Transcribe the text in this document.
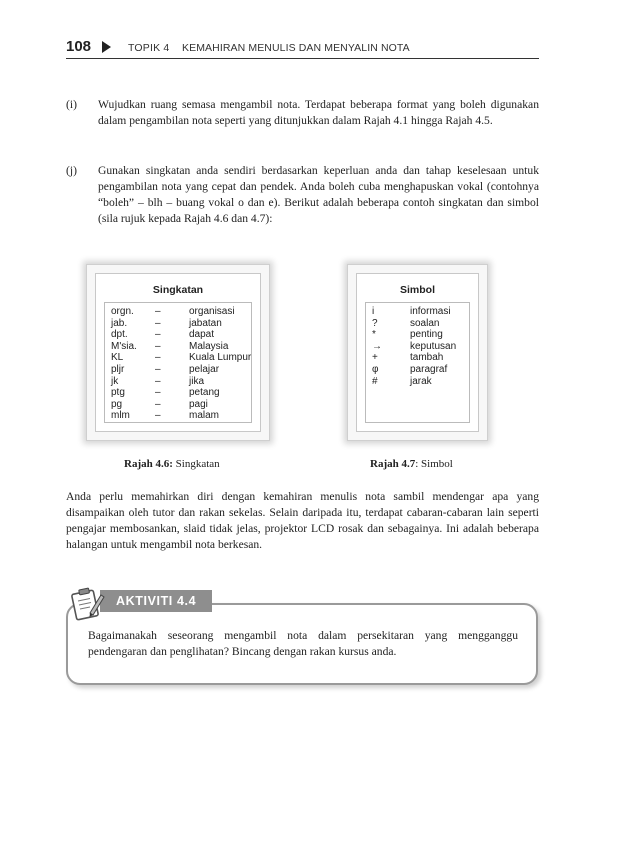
108	TOPIK 4 KEMAHIRAN MENULIS DAN MENYALIN NOTA
(i) Wujudkan ruang semasa mengambil nota. Terdapat beberapa format yang boleh digunakan dalam pengambilan nota seperti yang ditunjukkan dalam Rajah 4.1 hingga Rajah 4.5.
(j) Gunakan singkatan anda sendiri berdasarkan keperluan anda dan tahap keselesaan untuk pengambilan nota yang cepat dan pendek. Anda boleh cuba menghapuskan vokal (contohnya “boleh” – blh – buang vokal o dan e). Berikut adalah beberapa contoh singkatan dan simbol (sila rujuk kepada Rajah 4.6 dan 4.7):
Singkatan
orgn. –	organisasi
jab.	–	jabatan
dpt.	–	dapat
M'sia. –	Malaysia
KL	–	Kuala Lumpur
pljr	–	pelajar
jk	–	jika
ptg	–	petang
pg	–	pagi
mlm	–	malam
Simbol
i	informasi
?	soalan
*	penting
→	keputusan
+	tambah
φ	paragraf
#	jarak
Rajah 4.6: Singkatan	Rajah 4.7: Simbol
Anda perlu memahirkan diri dengan kemahiran menulis nota sambil mendengar apa yang disampaikan oleh tutor dan rakan sekelas. Selain daripada itu, terdapat cabaran-cabaran lain seperti pengajar membosankan, slaid tidak jelas, projektor LCD rosak dan sebagainya. Ini adalah beberapa halangan untuk mengambil nota berkesan.
AKTIVITI 4.4
Bagaimanakah seseorang mengambil nota dalam persekitaran yang mengganggu pendengaran dan penglihatan? Bincang dengan rakan kursus anda.
